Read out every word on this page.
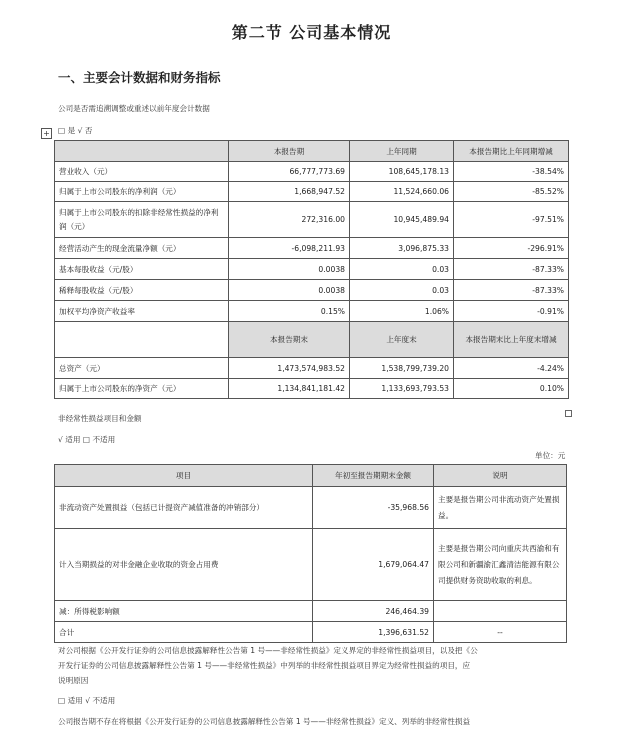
第二节 公司基本情况
一、主要会计数据和财务指标
公司是否需追溯调整或重述以前年度会计数据
+ □ 是 √ 否
	本报告期	上年同期	本报告期比上年同期增减
营业收入（元）	66,777,773.69	108,645,178.13	-38.54%
归属于上市公司股东的净利润（元）	1,668,947.52	11,524,660.06	-85.52%
归属于上市公司股东的扣除非经常性损益的净利润（元）	272,316.00	10,945,489.94	-97.51%
经营活动产生的现金流量净额（元）	-6,098,211.93	3,096,875.33	-296.91%
基本每股收益（元/股）	0.0038	0.03	-87.33%
稀释每股收益（元/股）	0.0038	0.03	-87.33%
加权平均净资产收益率	0.15%	1.06%	-0.91%
	本报告期末	上年度末	本报告期末比上年度末增减
总资产（元）	1,473,574,983.52	1,538,799,739.20	-4.24%
归属于上市公司股东的净资产（元）	1,134,841,181.42	1,133,693,793.53	0.10%
非经常性损益项目和金额
√ 适用 □ 不适用
单位：元
项目	年初至报告期期末金额	说明
非流动资产处置损益（包括已计提资产减值准备的冲销部分）	-35,968.56	主要是报告期公司非流动资产处置损益。
计入当期损益的对非金融企业收取的资金占用费	1,679,064.47	主要是报告期公司向重庆共西渝和有限公司和新疆渝汇鑫清洁能源有限公司提供财务资助收取的利息。
减：所得税影响额	246,464.39	
合计	1,396,631.52	--
对公司根据《公开发行证券的公司信息披露解释性公告第 1 号——非经常性损益》定义界定的非经常性损益项目，以及把《公
开发行证券的公司信息披露解释性公告第 1 号——非经常性损益》中列举的非经常性损益项目界定为经常性损益的项目，应
说明原因
□ 适用 √ 不适用
公司报告期不存在将根据《公开发行证券的公司信息披露解释性公告第 1 号——非经常性损益》定义、列举的非经常性损益
